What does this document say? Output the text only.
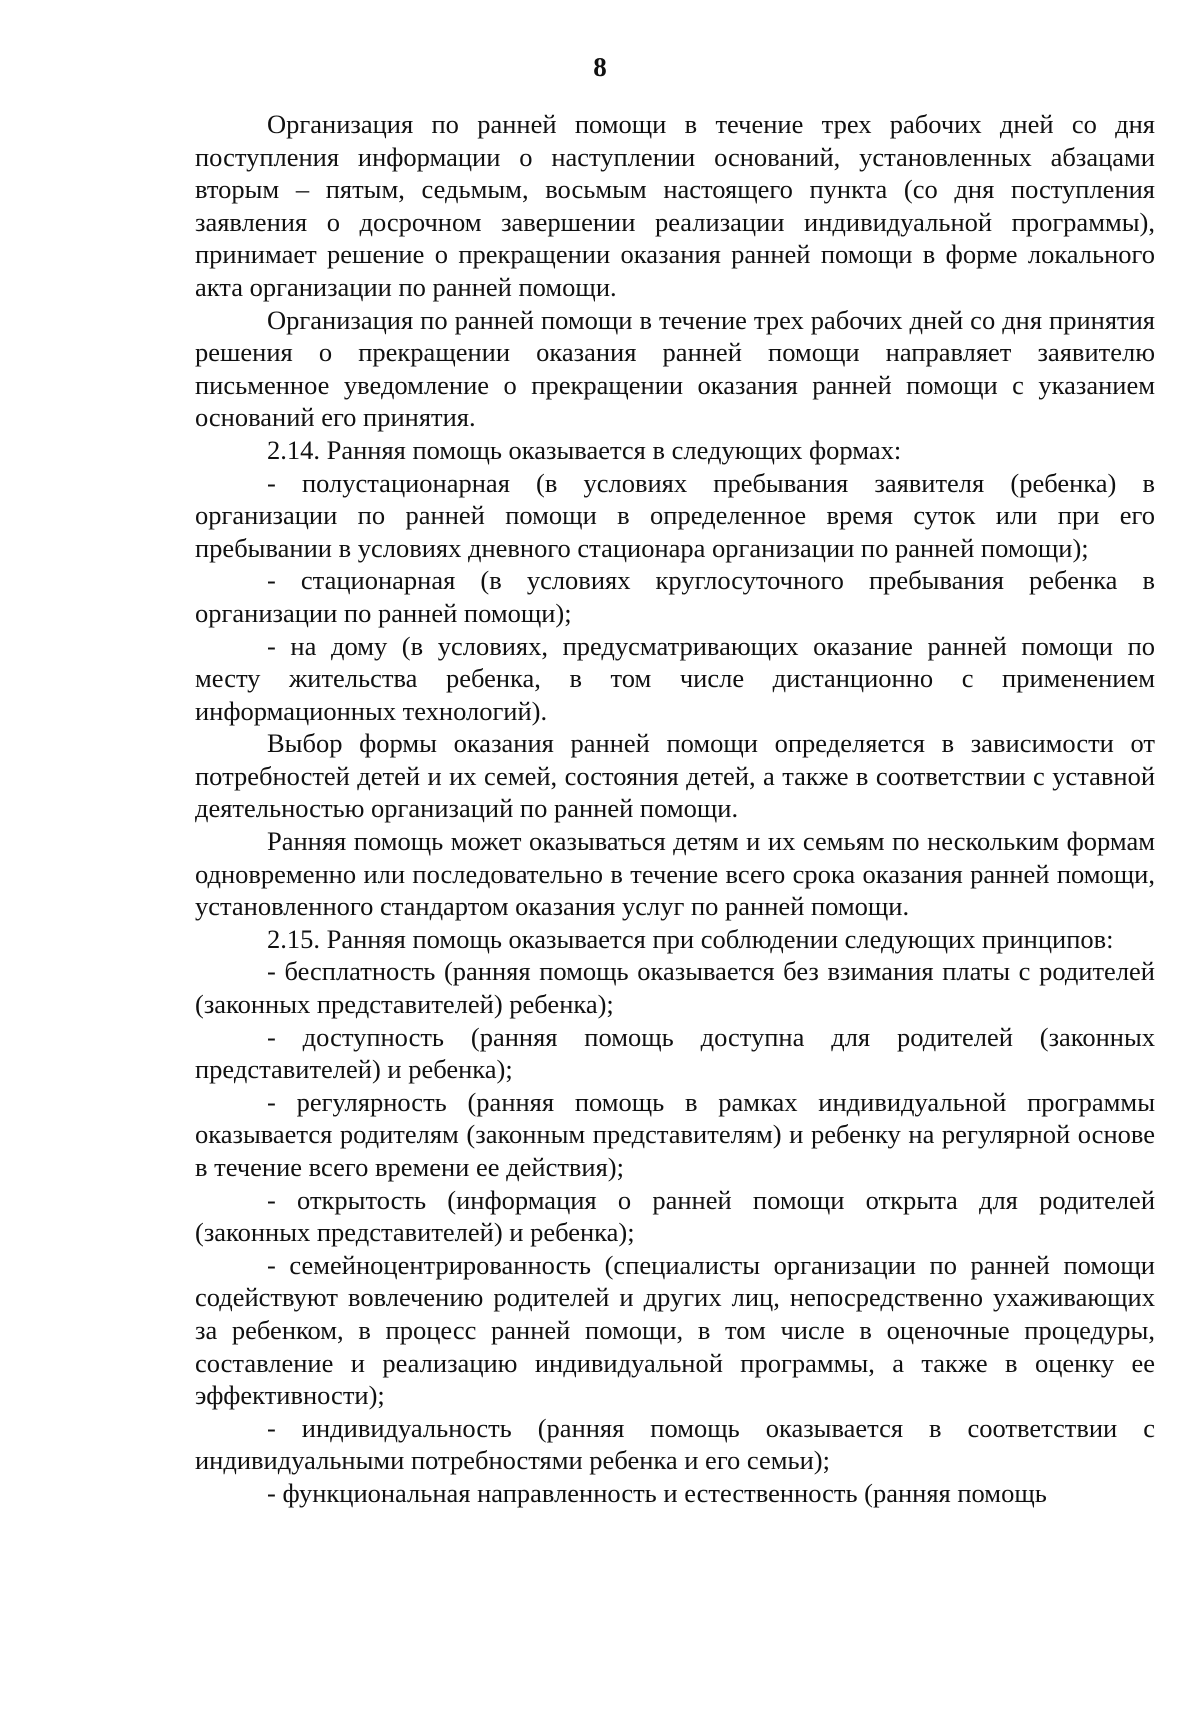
8

Организация по ранней помощи в течение трех рабочих дней со дня поступления информации о наступлении оснований, установленных абзацами вторым – пятым, седьмым, восьмым настоящего пункта (со дня поступления заявления о досрочном завершении реализации индивидуальной программы), принимает решение о прекращении оказания ранней помощи в форме локального акта организации по ранней помощи.

Организация по ранней помощи в течение трех рабочих дней со дня принятия решения о прекращении оказания ранней помощи направляет заявителю письменное уведомление о прекращении оказания ранней помощи с указанием оснований его принятия.

2.14. Ранняя помощь оказывается в следующих формах:

- полустационарная (в условиях пребывания заявителя (ребенка) в организации по ранней помощи в определенное время суток или при его пребывании в условиях дневного стационара организации по ранней помощи);

- стационарная (в условиях круглосуточного пребывания ребенка в организации по ранней помощи);

- на дому (в условиях, предусматривающих оказание ранней помощи по месту жительства ребенка, в том числе дистанционно с применением информационных технологий).

Выбор формы оказания ранней помощи определяется в зависимости от потребностей детей и их семей, состояния детей, а также в соответствии с уставной деятельностью организаций по ранней помощи.

Ранняя помощь может оказываться детям и их семьям по нескольким формам одновременно или последовательно в течение всего срока оказания ранней помощи, установленного стандартом оказания услуг по ранней помощи.

2.15. Ранняя помощь оказывается при соблюдении следующих принципов:

- бесплатность (ранняя помощь оказывается без взимания платы с родителей (законных представителей) ребенка);

- доступность (ранняя помощь доступна для родителей (законных представителей) и ребенка);

- регулярность (ранняя помощь в рамках индивидуальной программы оказывается родителям (законным представителям) и ребенку на регулярной основе в течение всего времени ее действия);

- открытость (информация о ранней помощи открыта для родителей (законных представителей) и ребенка);

- семейноцентрированность (специалисты организации по ранней помощи содействуют вовлечению родителей и других лиц, непосредственно ухаживающих за ребенком, в процесс ранней помощи, в том числе в оценочные процедуры, составление и реализацию индивидуальной программы, а также в оценку ее эффективности);

- индивидуальность (ранняя помощь оказывается в соответствии с индивидуальными потребностями ребенка и его семьи);

- функциональная направленность и естественность (ранняя помощь
